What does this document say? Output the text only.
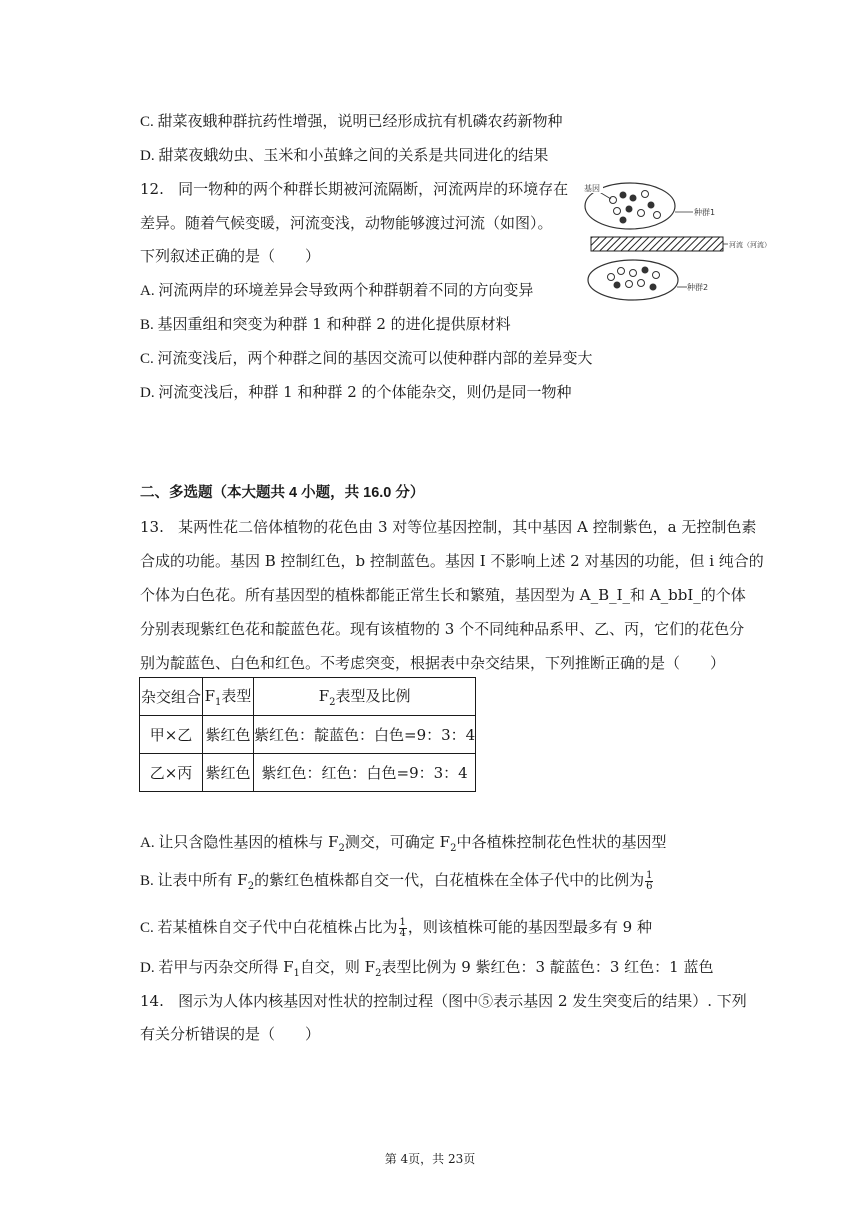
C. 甜菜夜蛾种群抗药性增强，说明已经形成抗有机磷农药新物种
D. 甜菜夜蛾幼虫、玉米和小茧蜂之间的关系是共同进化的结果
12. 同一物种的两个种群长期被河流隔断，河流两岸的环境存在
差异。随着气候变暖，河流变浅，动物能够渡过河流（如图）。
下列叙述正确的是（　　）
A. 河流两岸的环境差异会导致两个种群朝着不同的方向变异
B. 基因重组和突变为种群 1 和种群 2 的进化提供原材料
C. 河流变浅后，两个种群之间的基因交流可以使种群内部的差异变大
D. 河流变浅后，种群 1 和种群 2 的个体能杂交，则仍是同一物种
基因
种群1
河流（河流）
种群2
二、多选题（本大题共 4 小题，共 16.0 分）
13. 某两性花二倍体植物的花色由 3 对等位基因控制，其中基因 A 控制紫色，a 无控制色素
合成的功能。基因 B 控制红色，b 控制蓝色。基因 I 不影响上述 2 对基因的功能，但 i 纯合的
个体为白色花。所有基因型的植株都能正常生长和繁殖，基因型为 A_B_I_和 A_bbI_的个体
分别表现紫红色花和靛蓝色花。现有该植物的 3 个不同纯种品系甲、乙、丙，它们的花色分
别为靛蓝色、白色和红色。不考虑突变，根据表中杂交结果，下列推断正确的是（　　）
杂交组合	$F_1$表型	$F_2$表型及比例
甲×乙	紫红色	紫红色：靛蓝色：白色=9：3：4
乙×丙	紫红色	紫红色：红色：白色=9：3：4
A. 让只含隐性基因的植株与 $F_2$测交，可确定 $F_2$中各植株控制花色性状的基因型
B. 让表中所有 $F_2$的紫红色植株都自交一代，白花植株在全体子代中的比例为 $\frac{1}{6}$
C. 若某植株自交子代中白花植株占比为 $\frac{1}{4}$ ，则该植株可能的基因型最多有 9 种
D. 若甲与丙杂交所得 $F_1$自交，则 $F_2$表型比例为 9 紫红色：3 靛蓝色：3 红色：1 蓝色
14. 图示为人体内核基因对性状的控制过程（图中⑤表示基因 2 发生突变后的结果）. 下列
有关分析错误的是（　　）
第 4页，共 23页
